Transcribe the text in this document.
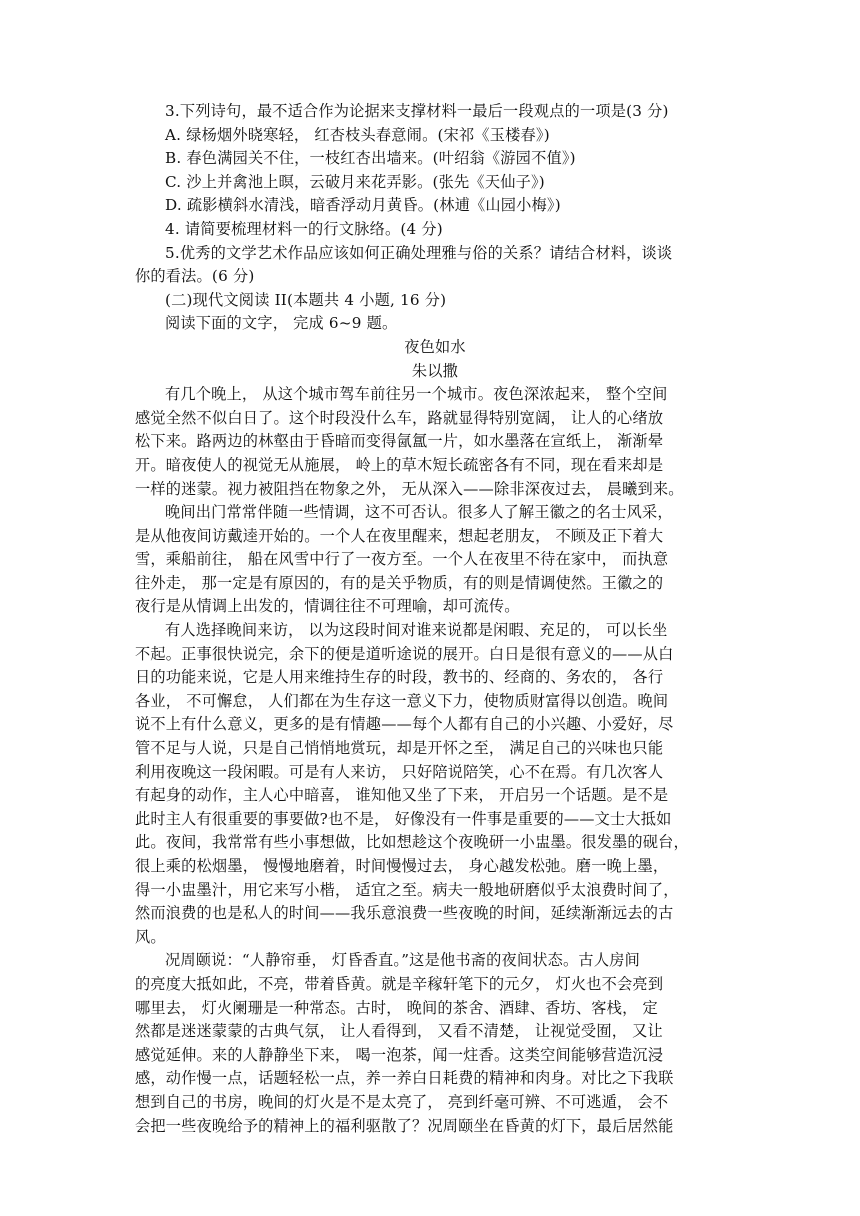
3.下列诗句，最不适合作为论据来支撑材料一最后一段观点的一项是(3 分)
A. 绿杨烟外晓寒轻， 红杏枝头春意闹。(宋祁《玉楼春》)
B. 春色满园关不住，一枝红杏出墙来。(叶绍翁《游园不值》)
C. 沙上并禽池上暝，云破月来花弄影。(张先《天仙子》)
D. 疏影横斜水清浅，暗香浮动月黄昏。(林逋《山园小梅》)
4. 请简要梳理材料一的行文脉络。(4 分)
5.优秀的文学艺术作品应该如何正确处理雅与俗的关系？请结合材料，谈谈
你的看法。(6 分)
(二)现代文阅读 II(本题共 4 小题, 16 分)
阅读下面的文字， 完成 6~9 题。
夜色如水
朱以撒
有几个晚上， 从这个城市驾车前往另一个城市。夜色深浓起来， 整个空间
感觉全然不似白日了。这个时段没什么车，路就显得特别宽阔， 让人的心绪放
松下来。路两边的林壑由于昏暗而变得氤氲一片，如水墨落在宣纸上， 渐渐晕
开。暗夜使人的视觉无从施展， 岭上的草木短长疏密各有不同，现在看来却是
一样的迷蒙。视力被阻挡在物象之外， 无从深入——除非深夜过去， 晨曦到来。
晚间出门常常伴随一些情调，这不可否认。很多人了解王徽之的名士风采，
是从他夜间访戴逵开始的。一个人在夜里醒来，想起老朋友， 不顾及正下着大
雪，乘船前往， 船在风雪中行了一夜方至。一个人在夜里不待在家中， 而执意
往外走， 那一定是有原因的，有的是关乎物质，有的则是情调使然。王徽之的
夜行是从情调上出发的，情调往往不可理喻，却可流传。
有人选择晚间来访， 以为这段时间对谁来说都是闲暇、充足的， 可以长坐
不起。正事很快说完，余下的便是道听途说的展开。白日是很有意义的——从白
日的功能来说，它是人用来维持生存的时段，教书的、经商的、务农的， 各行
各业， 不可懈怠， 人们都在为生存这一意义下力，使物质财富得以创造。晚间
说不上有什么意义，更多的是有情趣——每个人都有自己的小兴趣、小爱好，尽
管不足与人说，只是自己悄悄地赏玩，却是开怀之至， 满足自己的兴味也只能
利用夜晚这一段闲暇。可是有人来访， 只好陪说陪笑，心不在焉。有几次客人
有起身的动作，主人心中暗喜， 谁知他又坐了下来， 开启另一个话题。是不是
此时主人有很重要的事要做?也不是， 好像没有一件事是重要的——文士大抵如
此。夜间，我常常有些小事想做，比如想趁这个夜晚研一小盅墨。很发墨的砚台，
很上乘的松烟墨， 慢慢地磨着，时间慢慢过去， 身心越发松弛。磨一晚上墨，
得一小盅墨汁，用它来写小楷， 适宜之至。病夫一般地研磨似乎太浪费时间了，
然而浪费的也是私人的时间——我乐意浪费一些夜晚的时间，延续渐渐远去的古
风。
况周颐说：“人静帘垂， 灯昏香直。”这是他书斋的夜间状态。古人房间
的亮度大抵如此，不亮，带着昏黄。就是辛稼轩笔下的元夕， 灯火也不会亮到
哪里去， 灯火阑珊是一种常态。古时， 晚间的茶舍、酒肆、香坊、客栈， 定
然都是迷迷蒙蒙的古典气氛， 让人看得到， 又看不清楚， 让视觉受囿， 又让
感觉延伸。来的人静静坐下来， 喝一泡茶，闻一炷香。这类空间能够营造沉浸
感，动作慢一点，话题轻松一点，养一养白日耗费的精神和肉身。对比之下我联
想到自己的书房，晚间的灯火是不是太亮了， 亮到纤毫可辨、不可逃遁， 会不
会把一些夜晚给予的精神上的福利驱散了？况周颐坐在昏黄的灯下，最后居然能
